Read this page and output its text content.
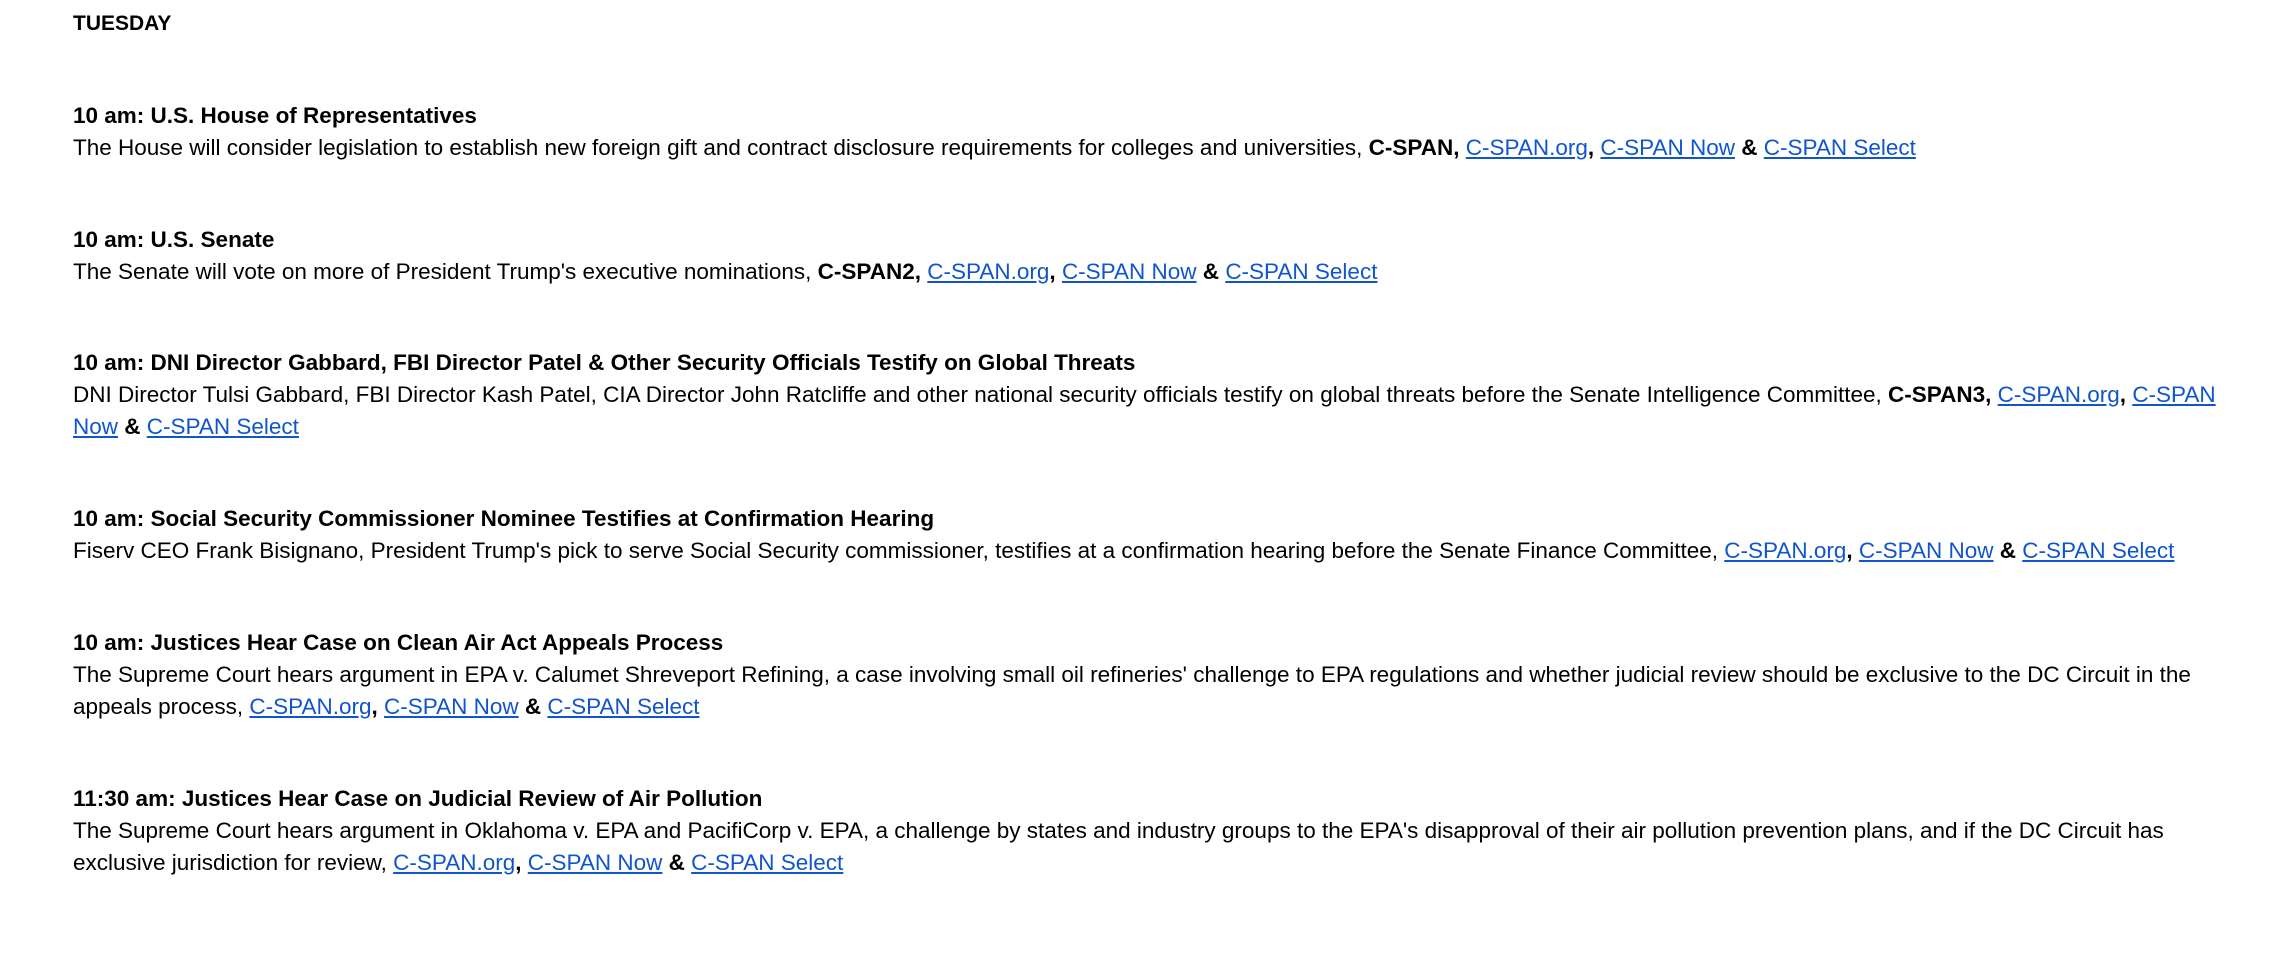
TUESDAY
10 am: U.S. House of Representatives
The House will consider legislation to establish new foreign gift and contract disclosure requirements for colleges and universities, C-SPAN, C-SPAN.org, C-SPAN Now & C-SPAN Select
10 am: U.S. Senate
The Senate will vote on more of President Trump's executive nominations, C-SPAN2, C-SPAN.org, C-SPAN Now & C-SPAN Select
10 am: DNI Director Gabbard, FBI Director Patel & Other Security Officials Testify on Global Threats
DNI Director Tulsi Gabbard, FBI Director Kash Patel, CIA Director John Ratcliffe and other national security officials testify on global threats before the Senate Intelligence Committee, C-SPAN3, C-SPAN.org, C-SPAN Now & C-SPAN Select
10 am: Social Security Commissioner Nominee Testifies at Confirmation Hearing
Fiserv CEO Frank Bisignano, President Trump's pick to serve Social Security commissioner, testifies at a confirmation hearing before the Senate Finance Committee, C-SPAN.org, C-SPAN Now & C-SPAN Select
10 am: Justices Hear Case on Clean Air Act Appeals Process
The Supreme Court hears argument in EPA v. Calumet Shreveport Refining, a case involving small oil refineries' challenge to EPA regulations and whether judicial review should be exclusive to the DC Circuit in the appeals process, C-SPAN.org, C-SPAN Now & C-SPAN Select
11:30 am: Justices Hear Case on Judicial Review of Air Pollution
The Supreme Court hears argument in Oklahoma v. EPA and PacifiCorp v. EPA, a challenge by states and industry groups to the EPA's disapproval of their air pollution prevention plans, and if the DC Circuit has exclusive jurisdiction for review, C-SPAN.org, C-SPAN Now & C-SPAN Select
